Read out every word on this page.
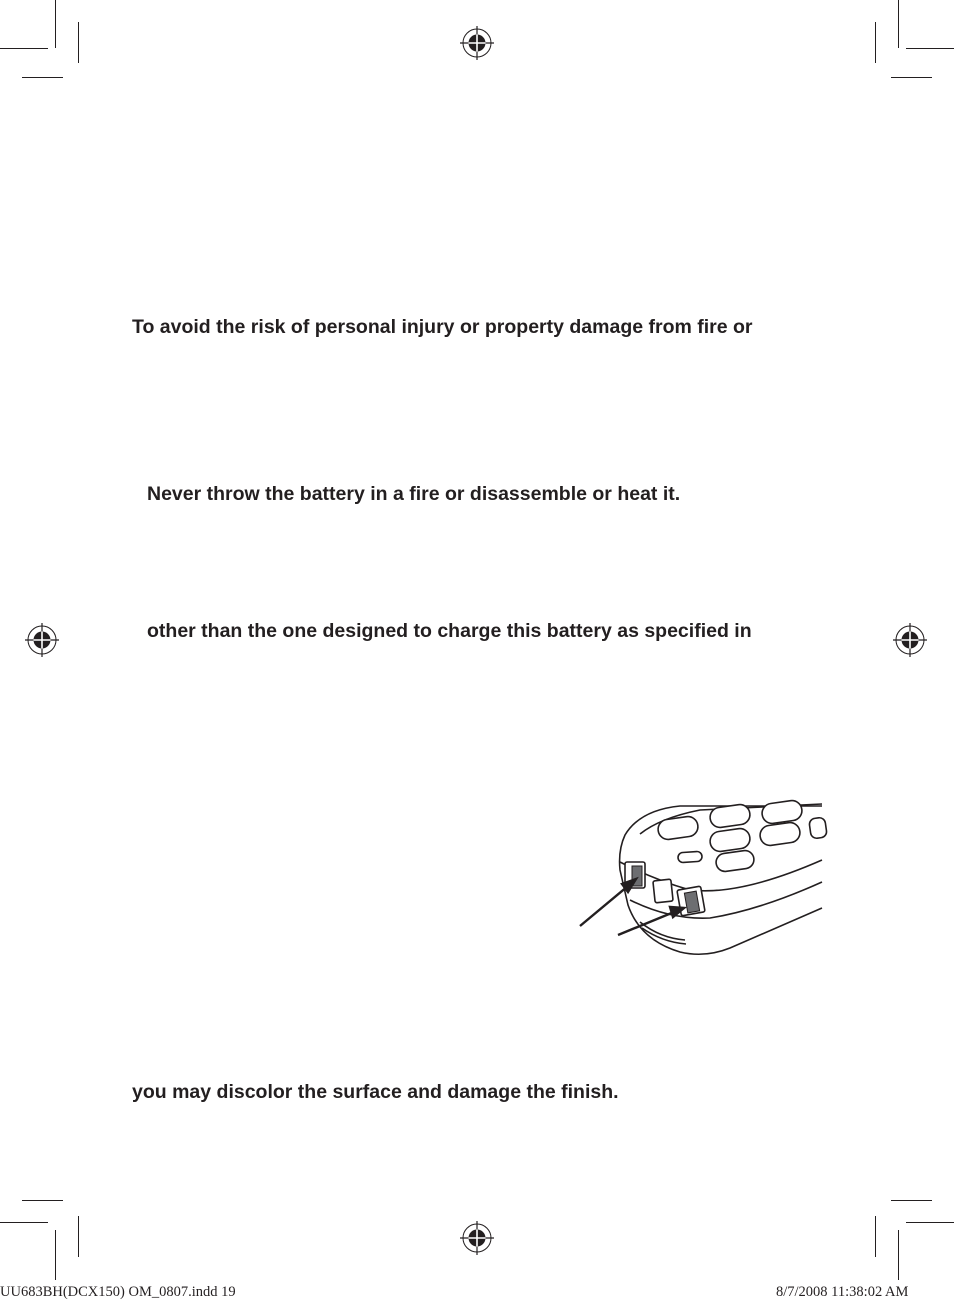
To avoid the risk of personal injury or property damage from fire or
Never throw the battery in a fire or disassemble or heat it.
other than the one designed to charge this battery as specified in
you may discolor the surface and damage the finish.
UU683BH(DCX150) OM_0807.indd 19	8/7/2008 11:38:02 AM
